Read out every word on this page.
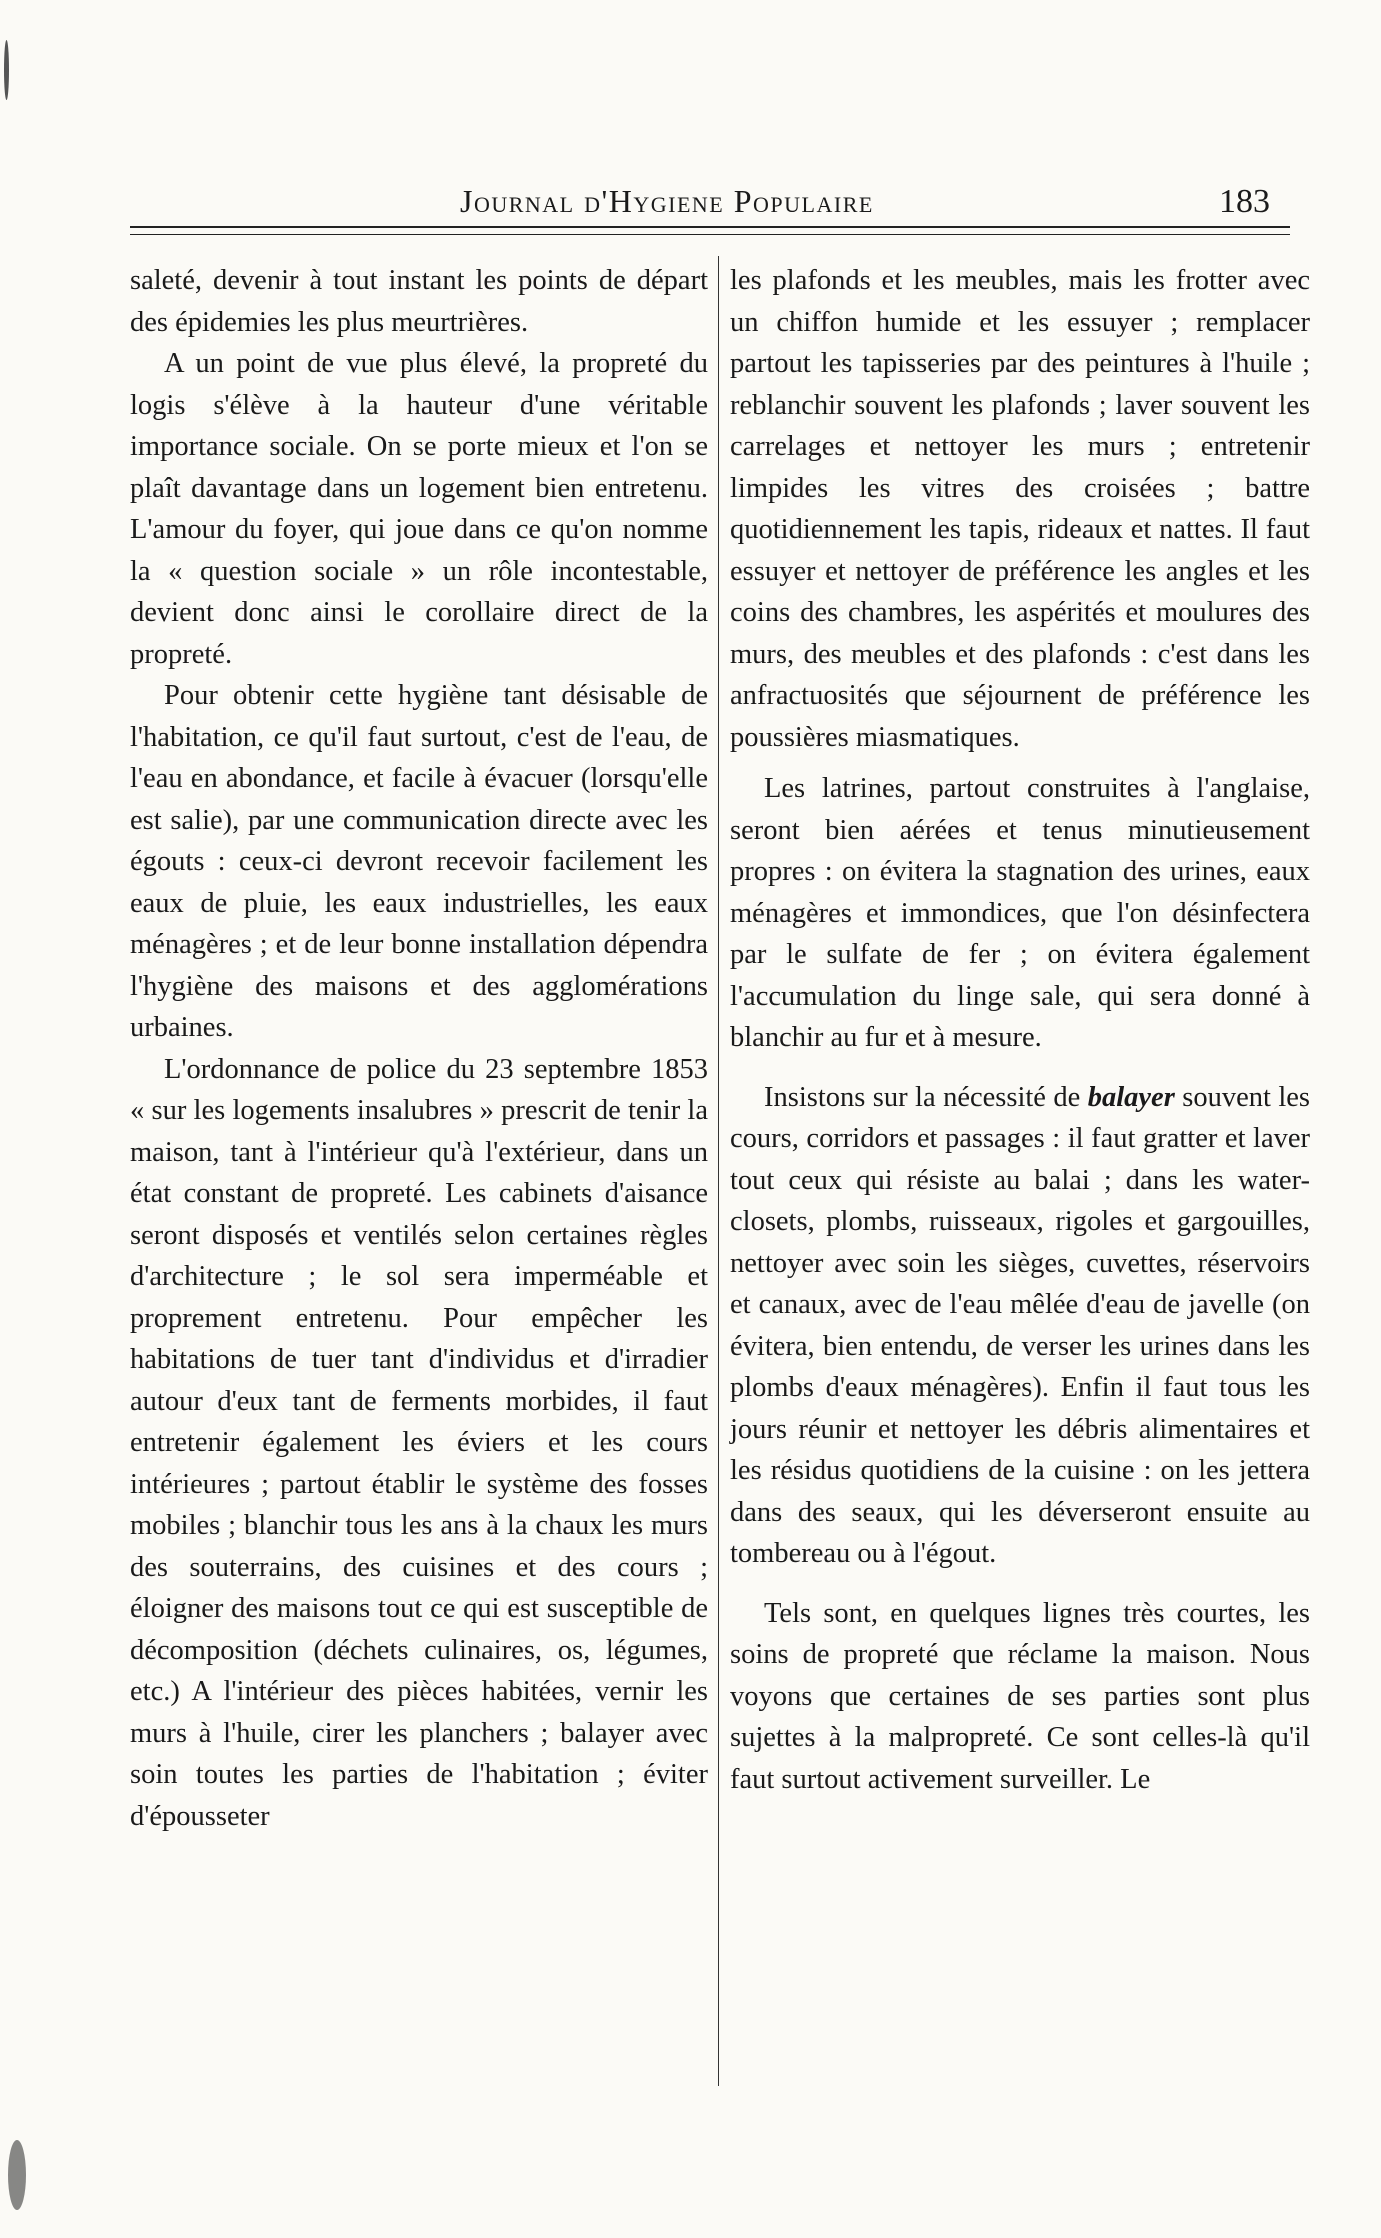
Journal d'Hygiene Populaire	183

saleté, devenir à tout instant les points de départ des épidemies les plus meurtrières.

A un point de vue plus élevé, la propreté du logis s'élève à la hauteur d'une véritable importance sociale. On se porte mieux et l'on se plaît davantage dans un logement bien entretenu. L'amour du foyer, qui joue dans ce qu'on nomme la « question sociale » un rôle incontestable, devient donc ainsi le corollaire direct de la propreté.

Pour obtenir cette hygiène tant désisable de l'habitation, ce qu'il faut surtout, c'est de l'eau, de l'eau en abondance, et facile à évacuer (lorsqu'elle est salie), par une communication directe avec les égouts : ceux-ci devront recevoir facilement les eaux de pluie, les eaux industrielles, les eaux ménagères ; et de leur bonne installation dépendra l'hygiène des maisons et des agglomérations urbaines.

L'ordonnance de police du 23 septembre 1853 « sur les logements insalubres » prescrit de tenir la maison, tant à l'intérieur qu'à l'extérieur, dans un état constant de propreté. Les cabinets d'aisance seront disposés et ventilés selon certaines règles d'architecture ; le sol sera imperméable et proprement entretenu. Pour empêcher les habitations de tuer tant d'individus et d'irradier autour d'eux tant de ferments morbides, il faut entretenir également les éviers et les cours intérieures ; partout établir le système des fosses mobiles ; blanchir tous les ans à la chaux les murs des souterrains, des cuisines et des cours ; éloigner des maisons tout ce qui est susceptible de décomposition (déchets culinaires, os, légumes, etc.) A l'intérieur des pièces habitées, vernir les murs à l'huile, cirer les planchers ; balayer avec soin toutes les parties de l'habitation ; éviter d'épousseter

les plafonds et les meubles, mais les frotter avec un chiffon humide et les essuyer ; remplacer partout les tapisseries par des peintures à l'huile ; reblanchir souvent les plafonds ; laver souvent les carrelages et nettoyer les murs ; entretenir limpides les vitres des croisées ; battre quotidiennement les tapis, rideaux et nattes. Il faut essuyer et nettoyer de préférence les angles et les coins des chambres, les aspérités et moulures des murs, des meubles et des plafonds : c'est dans les anfractuosités que séjournent de préférence les poussières miasmatiques.

Les latrines, partout construites à l'anglaise, seront bien aérées et tenus minutieusement propres : on évitera la stagnation des urines, eaux ménagères et immondices, que l'on désinfectera par le sulfate de fer ; on évitera également l'accumulation du linge sale, qui sera donné à blanchir au fur et à mesure.

Insistons sur la nécessité de balayer souvent les cours, corridors et passages : il faut gratter et laver tout ceux qui résiste au balai ; dans les water-closets, plombs, ruisseaux, rigoles et gargouilles, nettoyer avec soin les sièges, cuvettes, réservoirs et canaux, avec de l'eau mêlée d'eau de javelle (on évitera, bien entendu, de verser les urines dans les plombs d'eaux ménagères). Enfin il faut tous les jours réunir et nettoyer les débris alimentaires et les résidus quotidiens de la cuisine : on les jettera dans des seaux, qui les déverseront ensuite au tombereau ou à l'égout.

Tels sont, en quelques lignes très courtes, les soins de propreté que réclame la maison. Nous voyons que certaines de ses parties sont plus sujettes à la malpropreté. Ce sont celles-là qu'il faut surtout activement surveiller. Le
